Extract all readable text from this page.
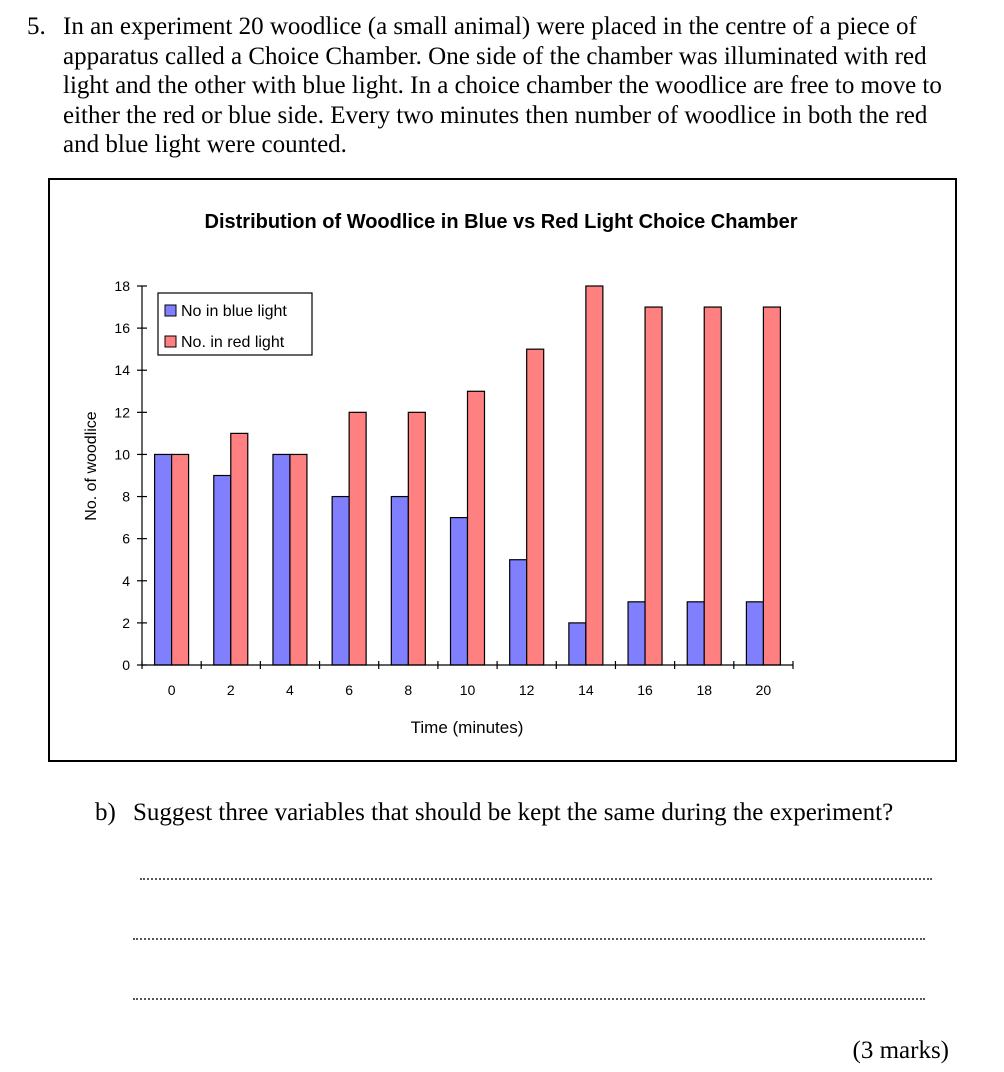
5. In an experiment 20 woodlice (a small animal) were placed in the centre of a piece of apparatus called a Choice Chamber. One side of the chamber was illuminated with red light and the other with blue light. In a choice chamber the woodlice are free to move to either the red or blue side. Every two minutes then number of woodlice in both the red and blue light were counted.
Distribution of Woodlice in Blue vs Red Light Choice Chamber
No. of woodlice
Time (minutes)
0
2
4
6
8
10
12
14
16
18
0	2	4	6	8	10	12	14	16	18	20
No in blue light
No. in red light
b) Suggest three variables that should be kept the same during the experiment?
(3 marks)
